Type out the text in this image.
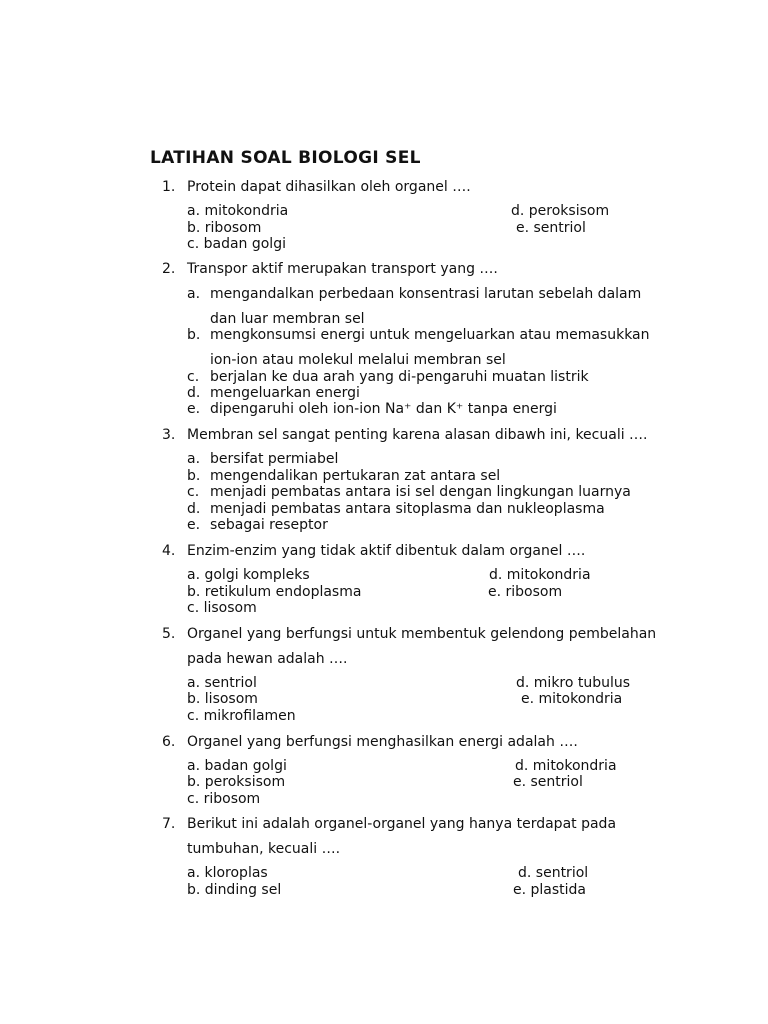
LATIHAN SOAL BIOLOGI SEL
1. Protein dapat dihasilkan oleh organel ….
a. mitokondria
b. ribosom
c. badan golgi
d. peroksisom
e. sentriol
2. Transpor aktif merupakan transport yang ….
a. mengandalkan perbedaan konsentrasi larutan sebelah dalam
dan luar membran sel
b. mengkonsumsi energi untuk mengeluarkan atau memasukkan
ion-ion atau molekul melalui membran sel
c. berjalan ke dua arah yang di-pengaruhi muatan listrik
d. mengeluarkan energi
e. dipengaruhi oleh ion-ion Na⁺ dan K⁺ tanpa energi
3. Membran sel sangat penting karena alasan dibawh ini, kecuali ….
a. bersifat permiabel
b. mengendalikan pertukaran zat antara sel
c. menjadi pembatas antara isi sel dengan lingkungan luarnya
d. menjadi pembatas antara sitoplasma dan nukleoplasma
e. sebagai reseptor
4. Enzim-enzim yang tidak aktif dibentuk dalam organel ….
a. golgi kompleks
b. retikulum endoplasma
c. lisosom
d. mitokondria
e. ribosom
5. Organel yang berfungsi untuk membentuk gelendong pembelahan
pada hewan adalah ….
a. sentriol
b. lisosom
c. mikrofilamen
d. mikro tubulus
e. mitokondria
6. Organel yang berfungsi menghasilkan energi adalah ….
a. badan golgi
b. peroksisom
c. ribosom
d. mitokondria
e. sentriol
7. Berikut ini adalah organel-organel yang hanya terdapat pada
tumbuhan, kecuali ….
a. kloroplas
b. dinding sel
d. sentriol
e. plastida
